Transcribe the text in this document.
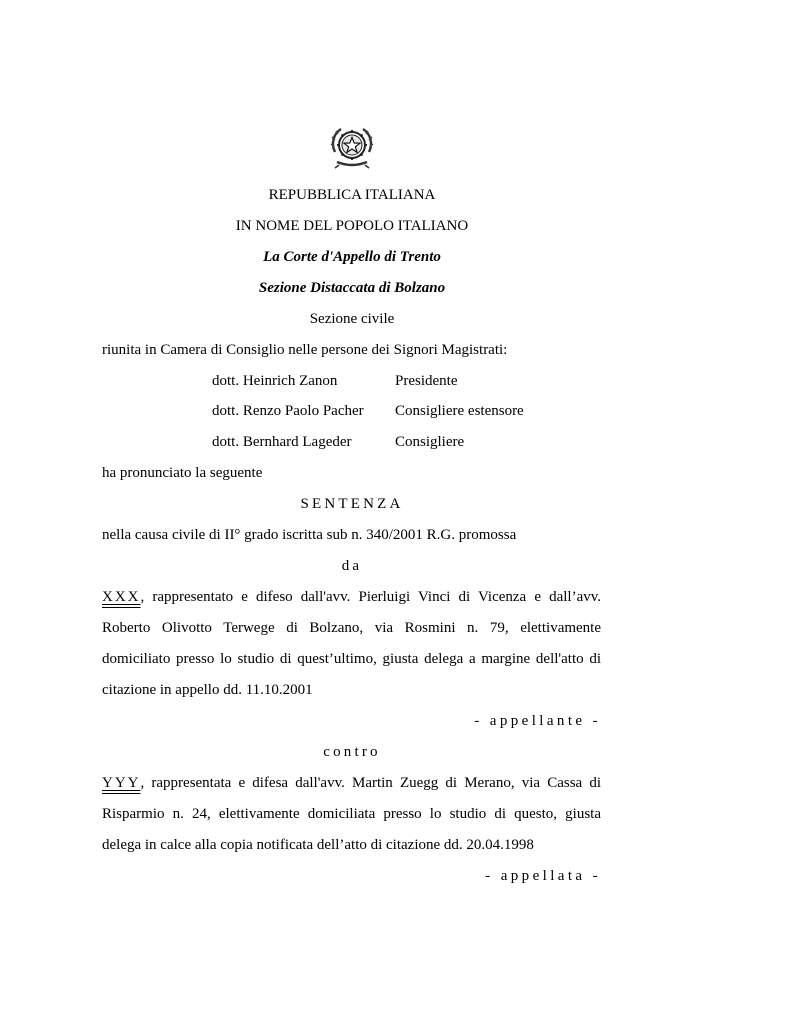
REPUBBLICA ITALIANA
IN NOME DEL POPOLO ITALIANO
La Corte d'Appello di Trento
Sezione Distaccata di Bolzano
Sezione civile
riunita in Camera di Consiglio nelle persone dei Signori Magistrati:
dott. Heinrich Zanon	Presidente
dott. Renzo Paolo Pacher Consigliere estensore
dott. Bernhard Lageder	Consigliere
ha pronunciato la seguente
SENTENZA
nella causa civile di II° grado iscritta sub n. 340/2001 R.G. promossa
da
XXX, rappresentato e difeso dall'avv. Pierluigi Vinci di Vicenza e dall’avv.
Roberto Olivotto Terwege di Bolzano, via Rosmini n. 79, elettivamente
domiciliato presso lo studio di quest’ultimo, giusta delega a margine dell'atto di
citazione in appello dd. 11.10.2001
- appellante -
contro
YYY, rappresentata e difesa dall'avv. Martin Zuegg di Merano, via Cassa di
Risparmio n. 24, elettivamente domiciliata presso lo studio di questo, giusta
delega in calce alla copia notificata dell’atto di citazione dd. 20.04.1998
- appellata -
